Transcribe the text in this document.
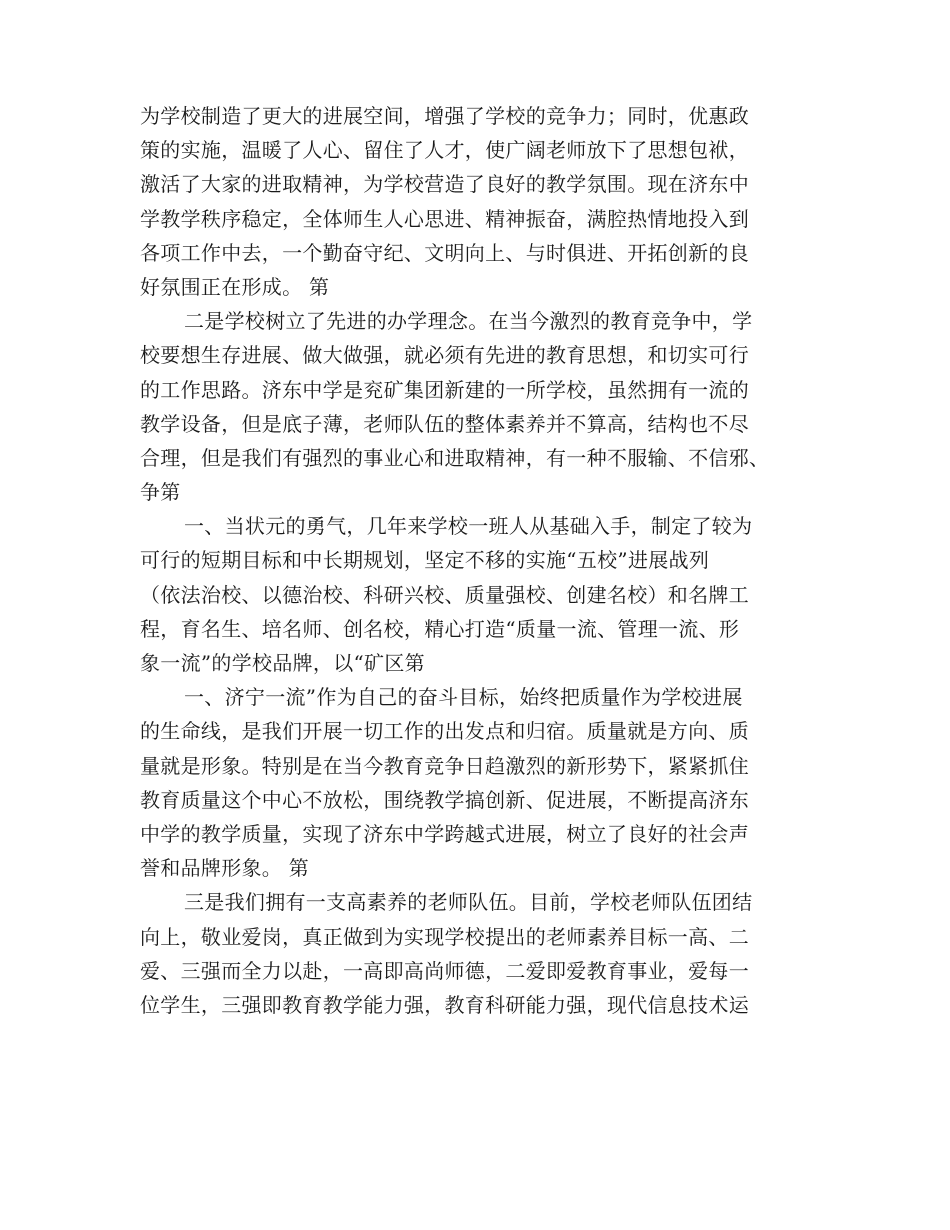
为学校制造了更大的进展空间，增强了学校的竞争力；同时，优惠政
策的实施，温暖了人心、留住了人才，使广阔老师放下了思想包袱，
激活了大家的进取精神，为学校营造了良好的教学氛围。现在济东中
学教学秩序稳定，全体师生人心思进、精神振奋，满腔热情地投入到
各项工作中去，一个勤奋守纪、文明向上、与时俱进、开拓创新的良
好氛围正在形成。 第
二是学校树立了先进的办学理念。在当今激烈的教育竞争中，学
校要想生存进展、做大做强，就必须有先进的教育思想，和切实可行
的工作思路。济东中学是兖矿集团新建的一所学校，虽然拥有一流的
教学设备，但是底子薄，老师队伍的整体素养并不算高，结构也不尽
合理，但是我们有强烈的事业心和进取精神，有一种不服输、不信邪、
争第
一、当状元的勇气，几年来学校一班人从基础入手，制定了较为
可行的短期目标和中长期规划，坚定不移的实施“五校”进展战列
（依法治校、以德治校、科研兴校、质量强校、创建名校）和名牌工
程，育名生、培名师、创名校，精心打造“质量一流、管理一流、形
象一流”的学校品牌，以“矿区第
一、济宁一流”作为自己的奋斗目标，始终把质量作为学校进展
的生命线，是我们开展一切工作的出发点和归宿。质量就是方向、质
量就是形象。特别是在当今教育竞争日趋激烈的新形势下，紧紧抓住
教育质量这个中心不放松，围绕教学搞创新、促进展，不断提高济东
中学的教学质量，实现了济东中学跨越式进展，树立了良好的社会声
誉和品牌形象。 第
三是我们拥有一支高素养的老师队伍。目前，学校老师队伍团结
向上，敬业爱岗，真正做到为实现学校提出的老师素养目标一高、二
爱、三强而全力以赴，一高即高尚师德，二爱即爱教育事业，爱每一
位学生，三强即教育教学能力强，教育科研能力强，现代信息技术运
